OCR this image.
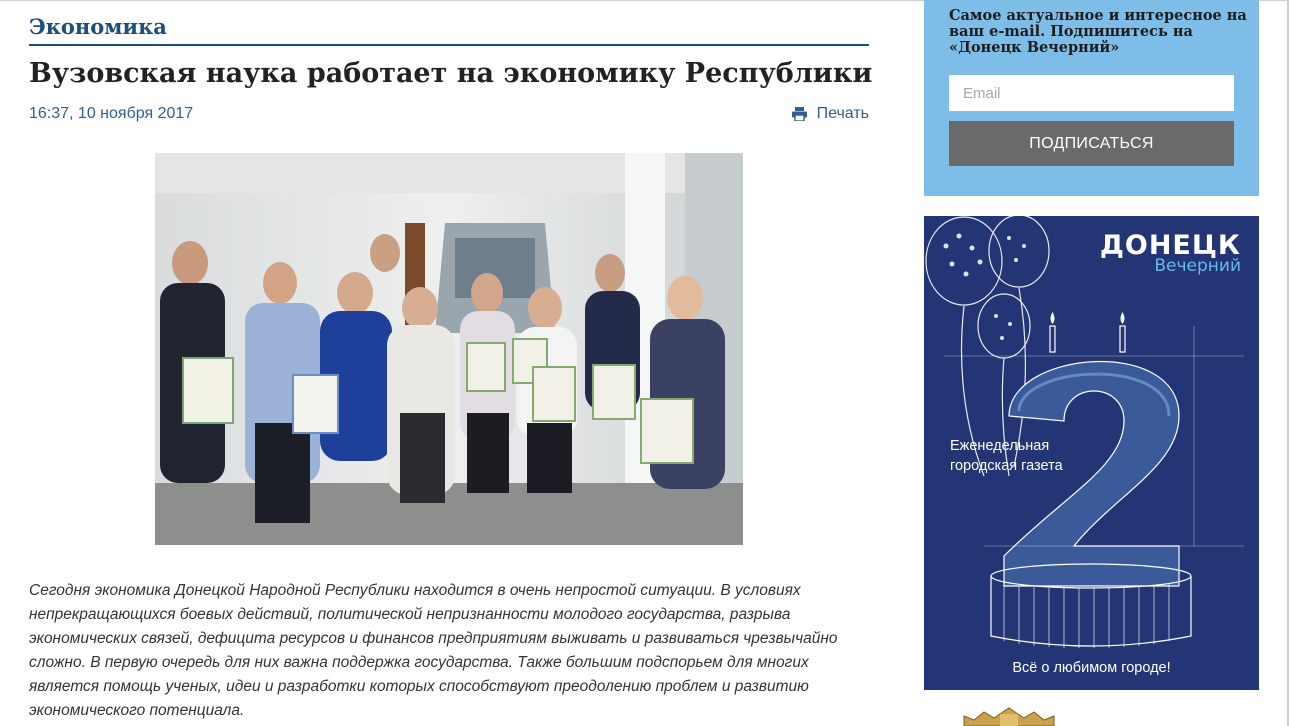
Экономика
Вузовская наука работает на экономику Республики
16:37, 10 ноября 2017	Печать
Сегодня экономика Донецкой Народной Республики находится в очень непростой ситуации. В условиях непрекращающихся боевых действий, политической непризнанности молодого государства, разрыва экономических связей, дефицита ресурсов и финансов предприятиям выживать и развиваться чрезвычайно сложно. В первую очередь для них важна поддержка государства. Также большим подспорьем для многих является помощь ученых, идеи и разработки которых способствуют преодолению проблем и развитию экономического потенциала.
Самое актуальное и интересное на ваш e-mail. Подпишитесь на «Донецк Вечерний»
Email
ПОДПИСАТЬСЯ
ДОНЕЦК
Вечерний
Еженедельная городская газета
Всё о любимом городе!
